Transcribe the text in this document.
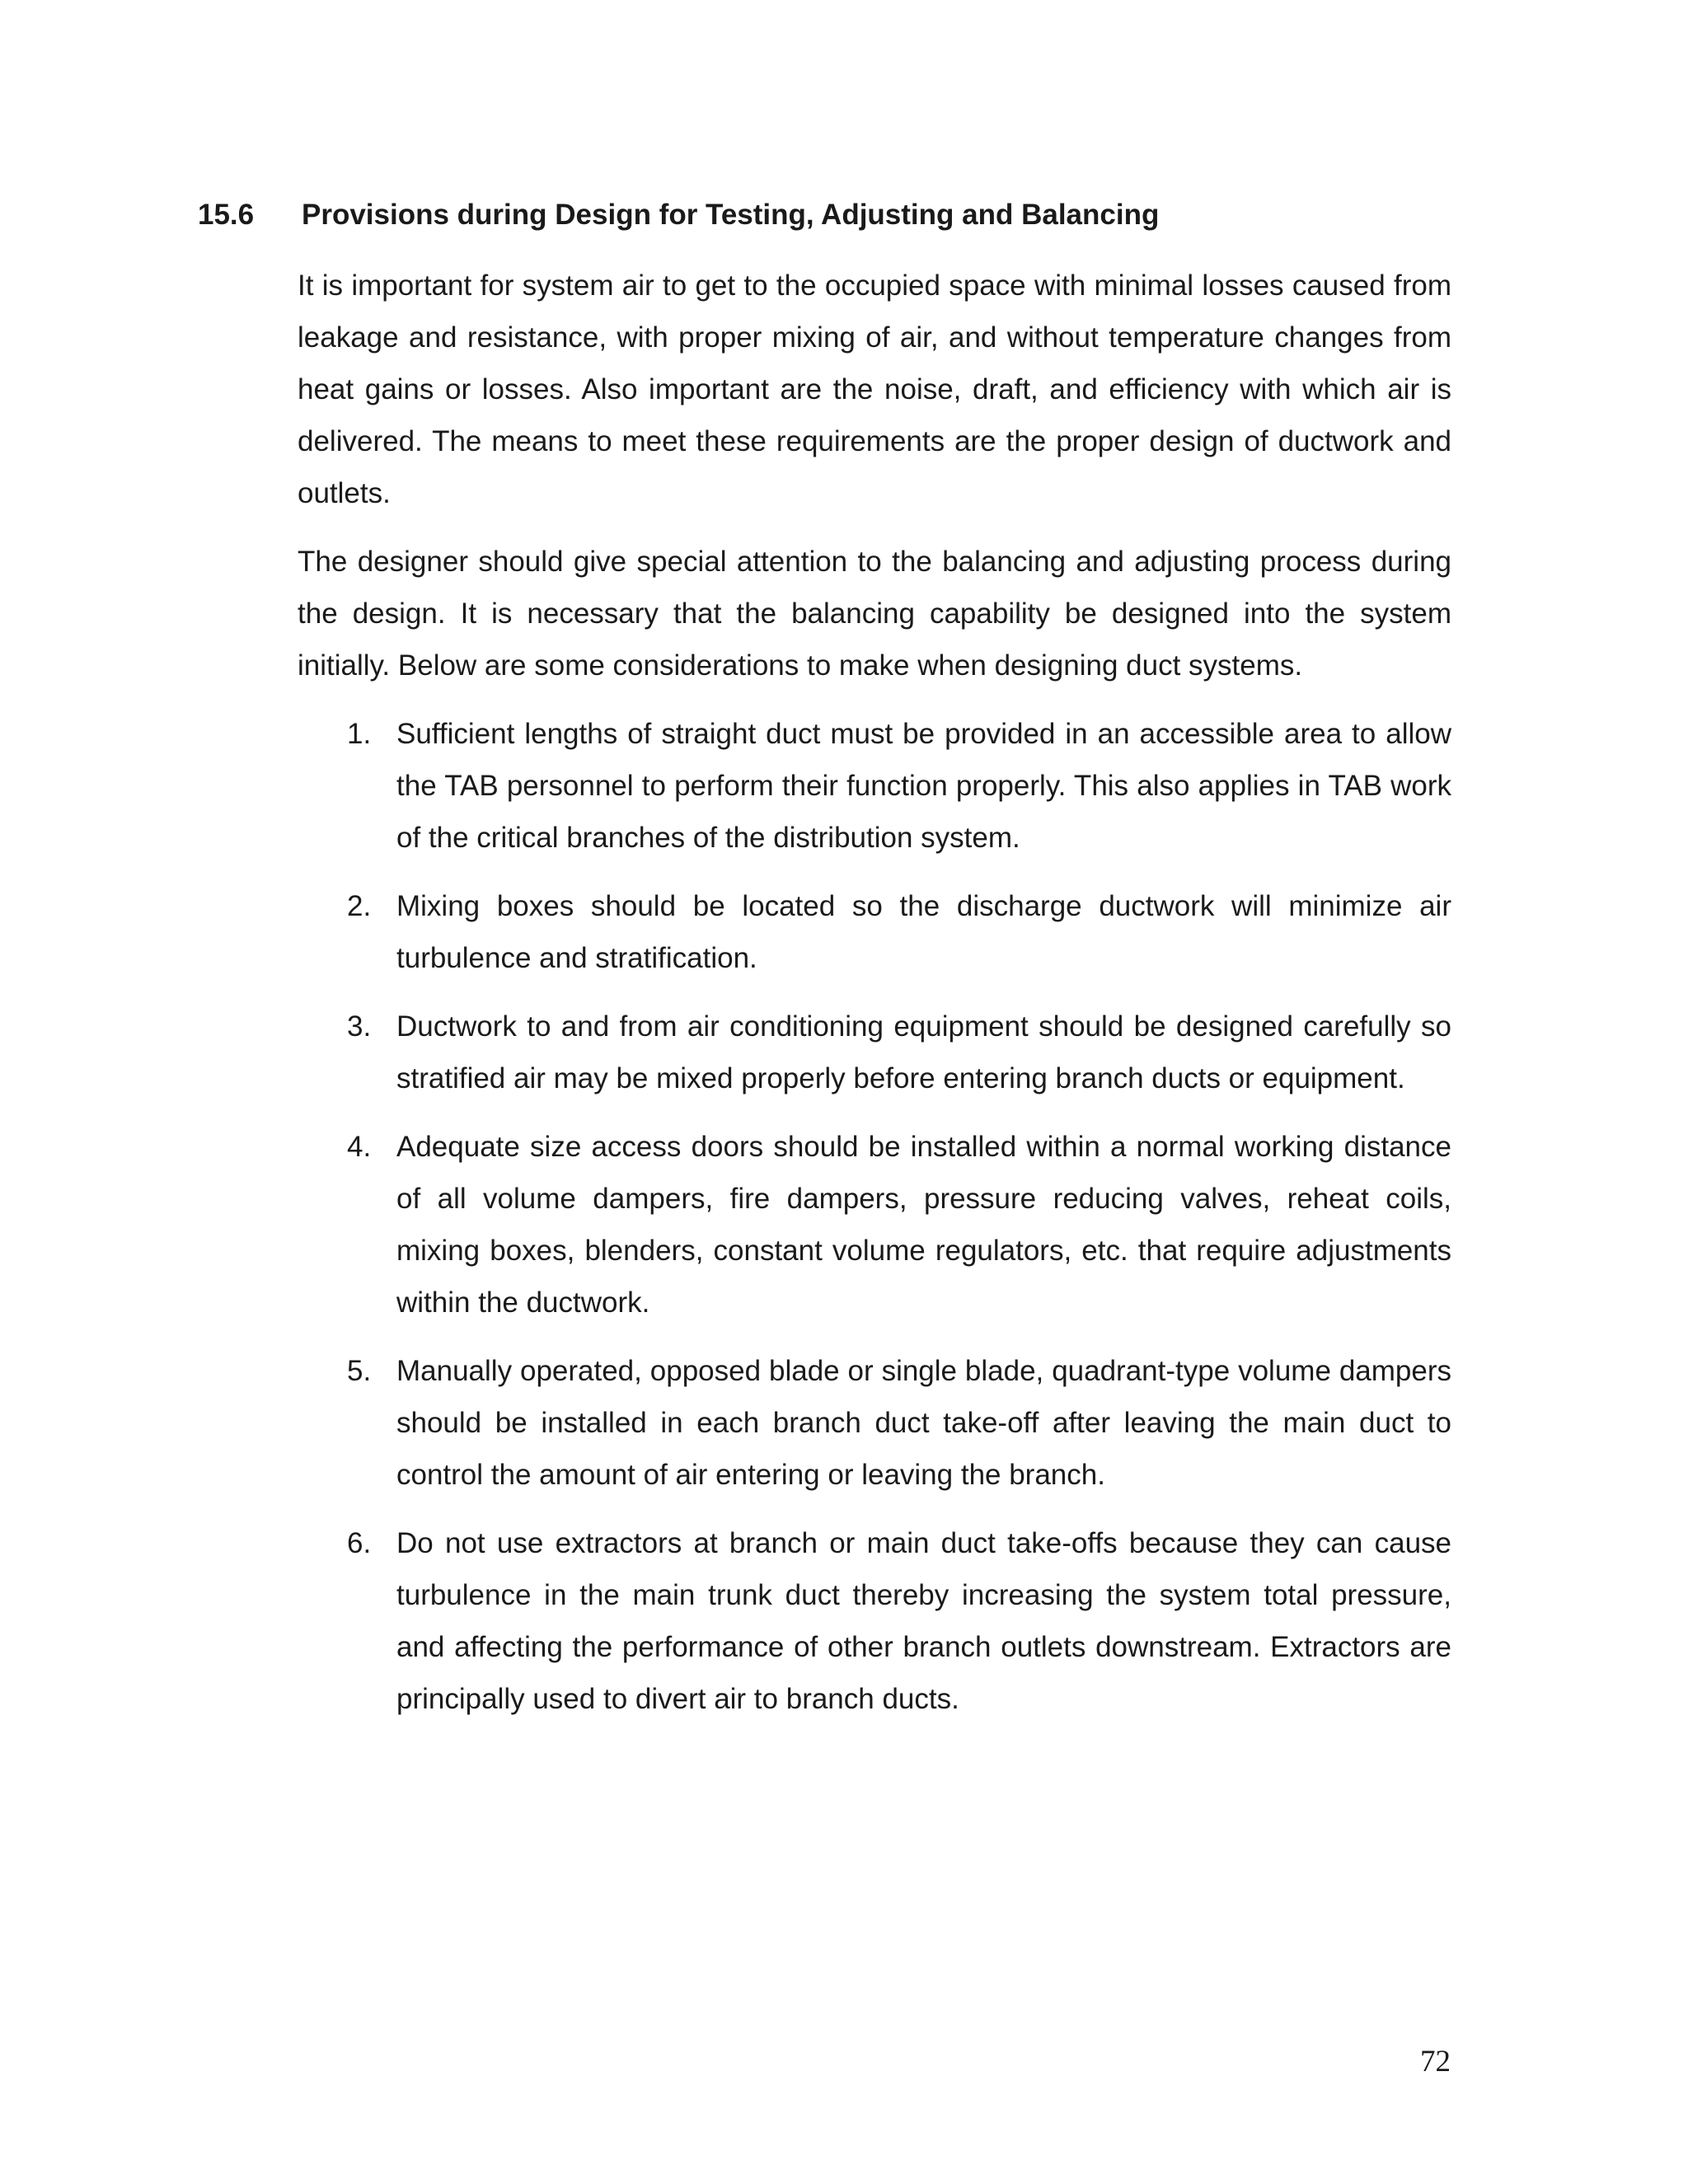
15.6	Provisions during Design for Testing, Adjusting and Balancing

It is important for system air to get to the occupied space with minimal losses caused from leakage and resistance, with proper mixing of air, and without temperature changes from heat gains or losses. Also important are the noise, draft, and efficiency with which air is delivered. The means to meet these requirements are the proper design of ductwork and outlets.

The designer should give special attention to the balancing and adjusting process during the design. It is necessary that the balancing capability be designed into the system initially. Below are some considerations to make when designing duct systems.

1. Sufficient lengths of straight duct must be provided in an accessible area to allow the TAB personnel to perform their function properly. This also applies in TAB work of the critical branches of the distribution system.
2. Mixing boxes should be located so the discharge ductwork will minimize air turbulence and stratification.
3. Ductwork to and from air conditioning equipment should be designed carefully so stratified air may be mixed properly before entering branch ducts or equipment.
4. Adequate size access doors should be installed within a normal working distance of all volume dampers, fire dampers, pressure reducing valves, reheat coils, mixing boxes, blenders, constant volume regulators, etc. that require adjustments within the ductwork.
5. Manually operated, opposed blade or single blade, quadrant-type volume dampers should be installed in each branch duct take-off after leaving the main duct to control the amount of air entering or leaving the branch.
6. Do not use extractors at branch or main duct take-offs because they can cause turbulence in the main trunk duct thereby increasing the system total pressure, and affecting the performance of other branch outlets downstream. Extractors are principally used to divert air to branch ducts.
72
